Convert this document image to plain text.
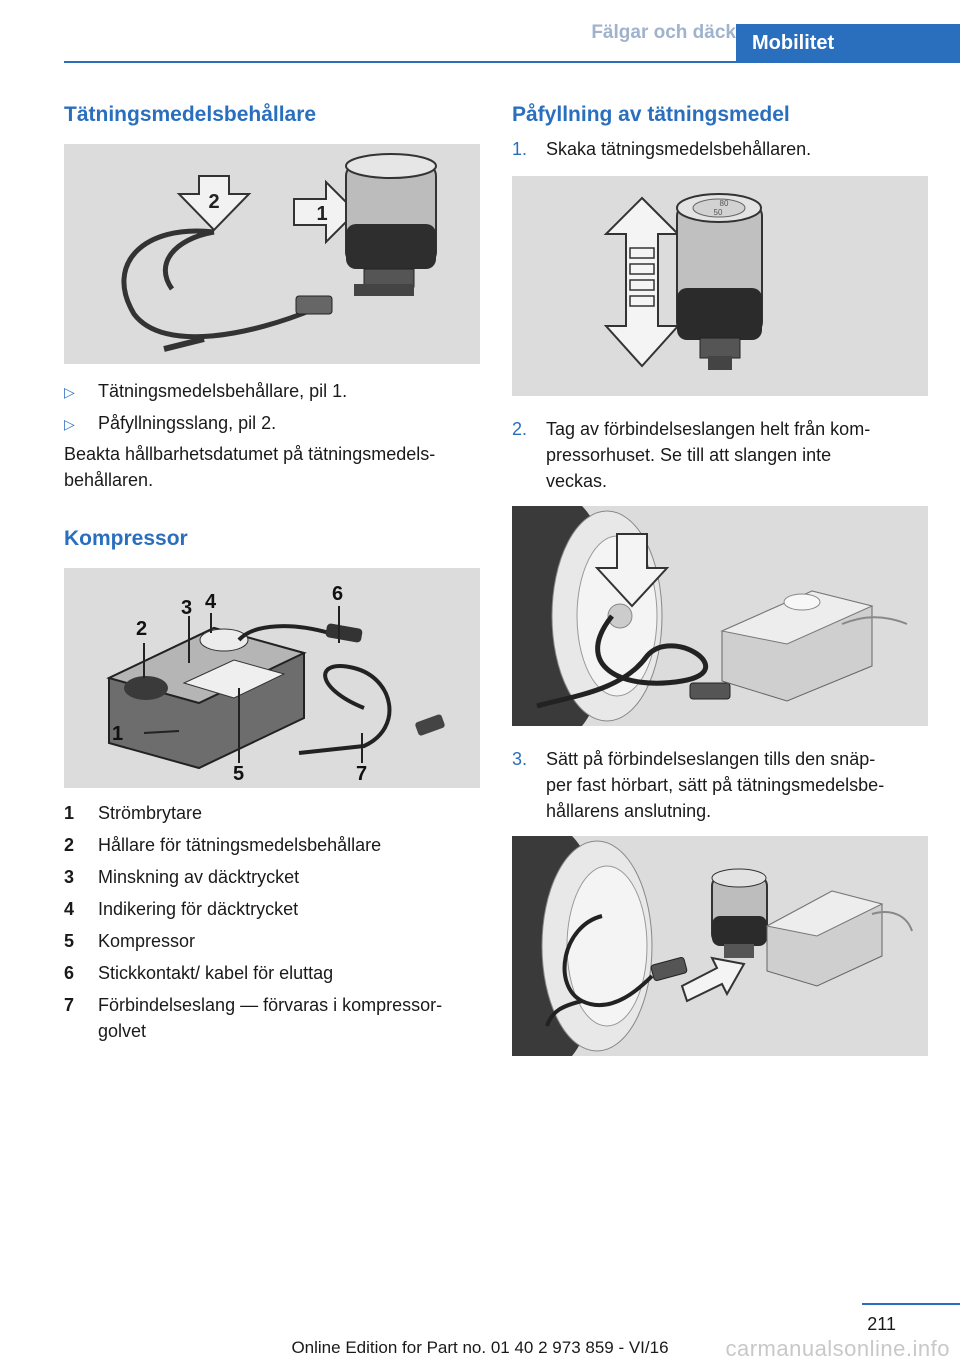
Fälgar och däck Mobilitet
Tätningsmedelsbehållare
2
1
▷	Tätningsmedelsbehållare, pil 1.
▷	Påfyllningsslang, pil 2.

Beakta hållbarhetsdatumet på tätningsmedels-

behållaren.

Kompressor
1
2
3 4
5
6
7
1	Strömbrytare
2	Hållare för tätningsmedelsbehållare
3	Minskning av däcktrycket
4	Indikering för däcktrycket
5	Kompressor
6	Stickkontakt/ kabel för eluttag
7	Förbindelseslang — förvaras i kompressor-
golvet
Påfyllning av tätningsmedel
1.	Skaka tätningsmedelsbehållaren.
80
50
2.	Tag av förbindelseslangen helt från kom-
pressorhuset. Se till att slangen inte
veckas.
3.	Sätt på förbindelseslangen tills den snäp-
per fast hörbart, sätt på tätningsmedelsbe-
hållarens anslutning.
211
Online Edition for Part no. 01 40 2 973 859 - VI/16	carmanualsonline.info
